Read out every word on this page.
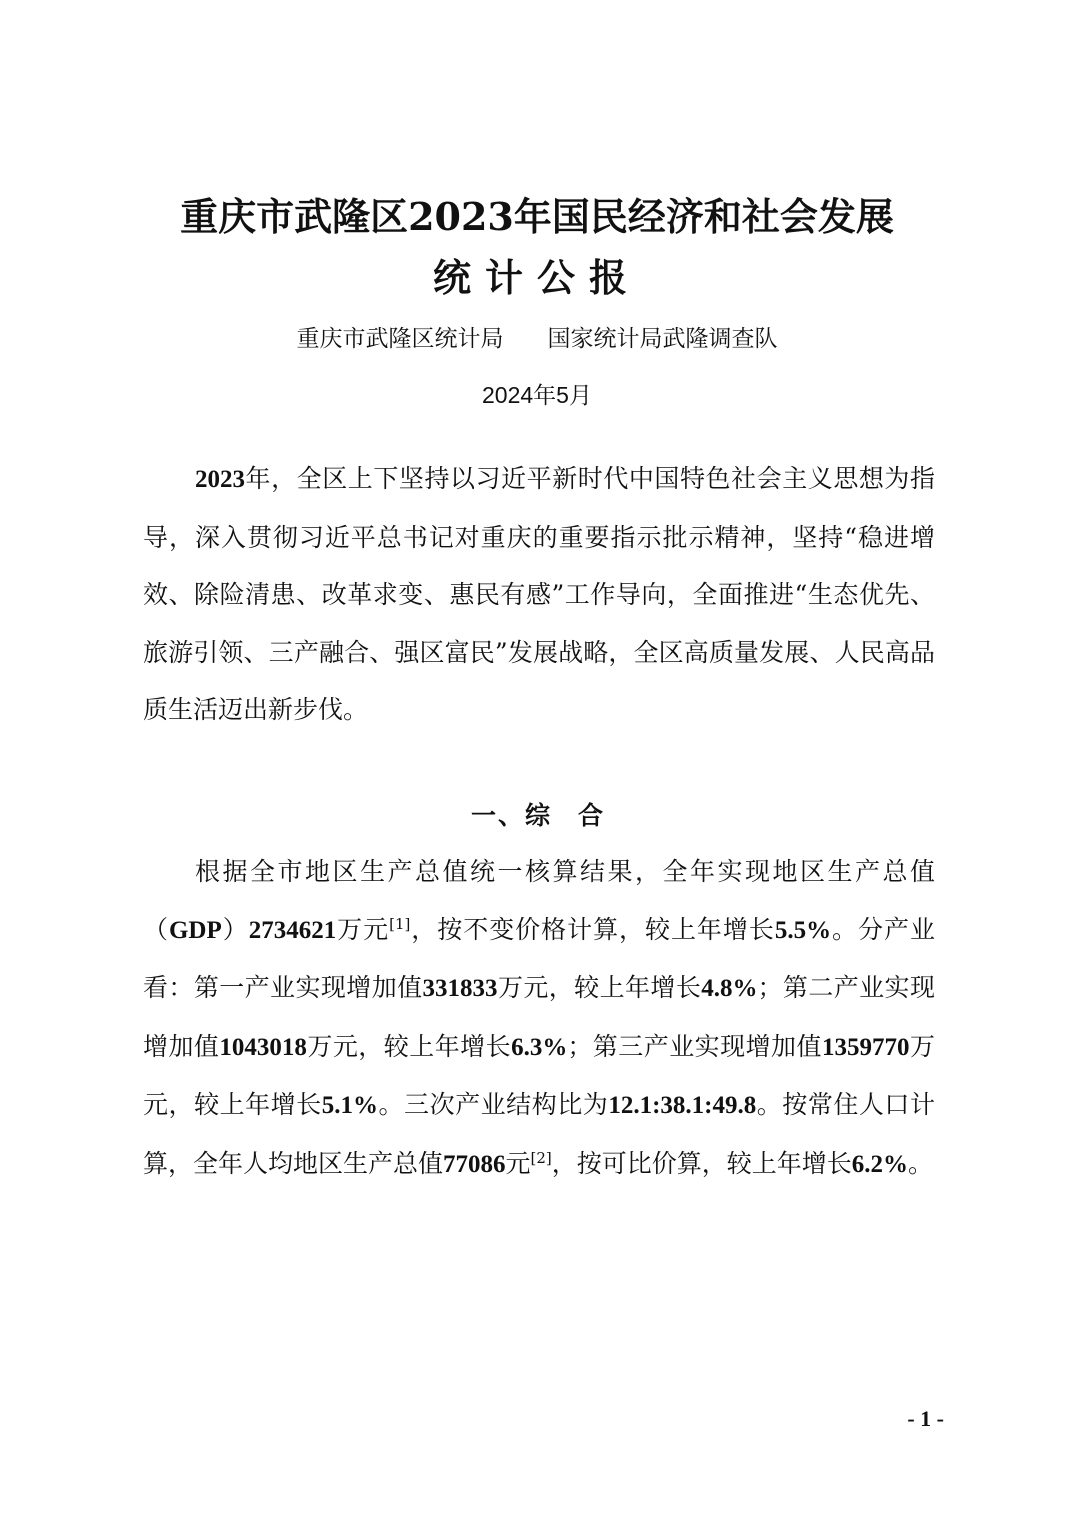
重庆市武隆区2023年国民经济和社会发展
统计公报
重庆市武隆区统计局 国家统计局武隆调查队
2024年5月

2023年，全区上下坚持以习近平新时代中国特色社会主义思想为指导，深入贯彻习近平总书记对重庆的重要指示批示精神，坚持“稳进增效、除险清患、改革求变、惠民有感”工作导向，全面推进“生态优先、旅游引领、三产融合、强区富民”发展战略，全区高质量发展、人民高品质生活迈出新步伐。

一、综 合

根据全市地区生产总值统一核算结果，全年实现地区生产总值（GDP）2734621万元[1]，按不变价格计算，较上年增长5.5%。分产业看：第一产业实现增加值331833万元，较上年增长4.8%；第二产业实现增加值1043018万元，较上年增长6.3%；第三产业实现增加值1359770万元，较上年增长5.1%。三次产业结构比为12.1:38.1:49.8。按常住人口计算，全年人均地区生产总值77086元[2]，按可比价算，较上年增长6.2%。

- 1 -
